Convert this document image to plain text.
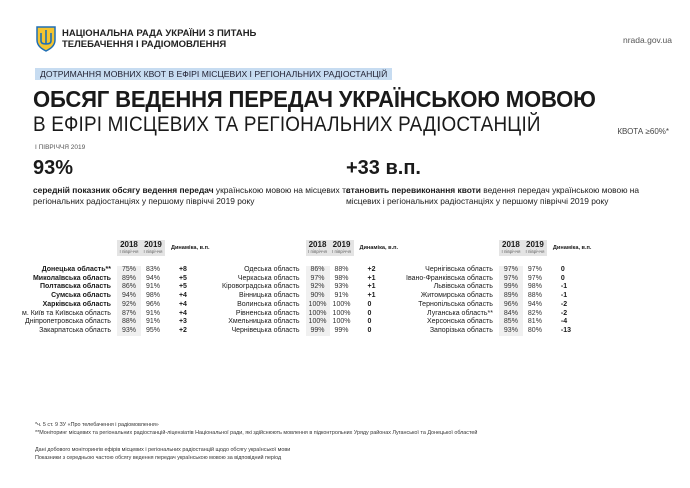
НАЦІОНАЛЬНА РАДА УКРАЇНИ З ПИТАНЬ
ТЕЛЕБАЧЕННЯ І РАДІОМОВЛЕННЯ	nrada.gov.ua
ДОТРИМАННЯ МОВНИХ КВОТ В ЕФІРІ МІСЦЕВИХ І РЕГІОНАЛЬНИХ РАДІОСТАНЦІЙ
ОБСЯГ ВЕДЕННЯ ПЕРЕДАЧ УКРАЇНСЬКОЮ МОВОЮ
В ЕФІРІ МІСЦЕВИХ ТА РЕГІОНАЛЬНИХ РАДІОСТАНЦІЙ
І ПІВРІЧЧЯ 2019
КВОТА ≥60%*
93%
середній показник обсягу ведення передач українською мовою на місцевих та регіональних радіостанціях у першому півріччі 2019 року
+33 в.п.
становить перевиконання квоти ведення передач українською мовою на місцевих і регіональних радіостанціях у першому півріччі 2019 року
	2018
І півріччя	2019
І півріччя	Динаміка, в.п.

Донецька область**	75%	83%	+8
Миколаївська область	89%	94%	+5
Полтавська область	86%	91%	+5
Сумська область	94%	98%	+4
Харківська область	92%	96%	+4
м. Київ та Київська область	87%	91%	+4
Дніпропетровська область	88%	91%	+3
Закарпатська область	93%	95%	+2
	2018
І півріччя	2019
І півріччя	Динаміка, в.п.

Одеська область	86%	88%	+2
Черкаська область	97%	98%	+1
Кіровоградська область	92%	93%	+1
Вінницька область	90%	91%	+1
Волинська область	100%	100%	0
Рівненська область	100%	100%	0
Хмельницька область	100%	100%	0
Чернівецька область	99%	99%	0
	2018
І півріччя	2019
І півріччя	Динаміка, в.п.

Чернігівська область	97%	97%	0
Івано-Франківська область	97%	97%	0
Львівська область	99%	98%	-1
Житомирська область	89%	88%	-1
Тернопільська область	96%	94%	-2
Луганська область**	84%	82%	-2
Херсонська область	85%	81%	-4
Запорізька область	93%	80%	-13
*ч. 5 ст. 9 ЗУ «Про телебачення і радіомовлення»
**Моніторинг місцевих та регіональних радіостанцій-ліцензіатів Національної ради, які здійснюють мовлення в підконтрольних Уряду районах Луганської та Донецької областей
Дані добового моніторингів ефірів місцевих і регіональних радіостанцій щодо обсягу української мови
Показники з середньою частою обсягу ведення передач українською мовою за відповідний період
